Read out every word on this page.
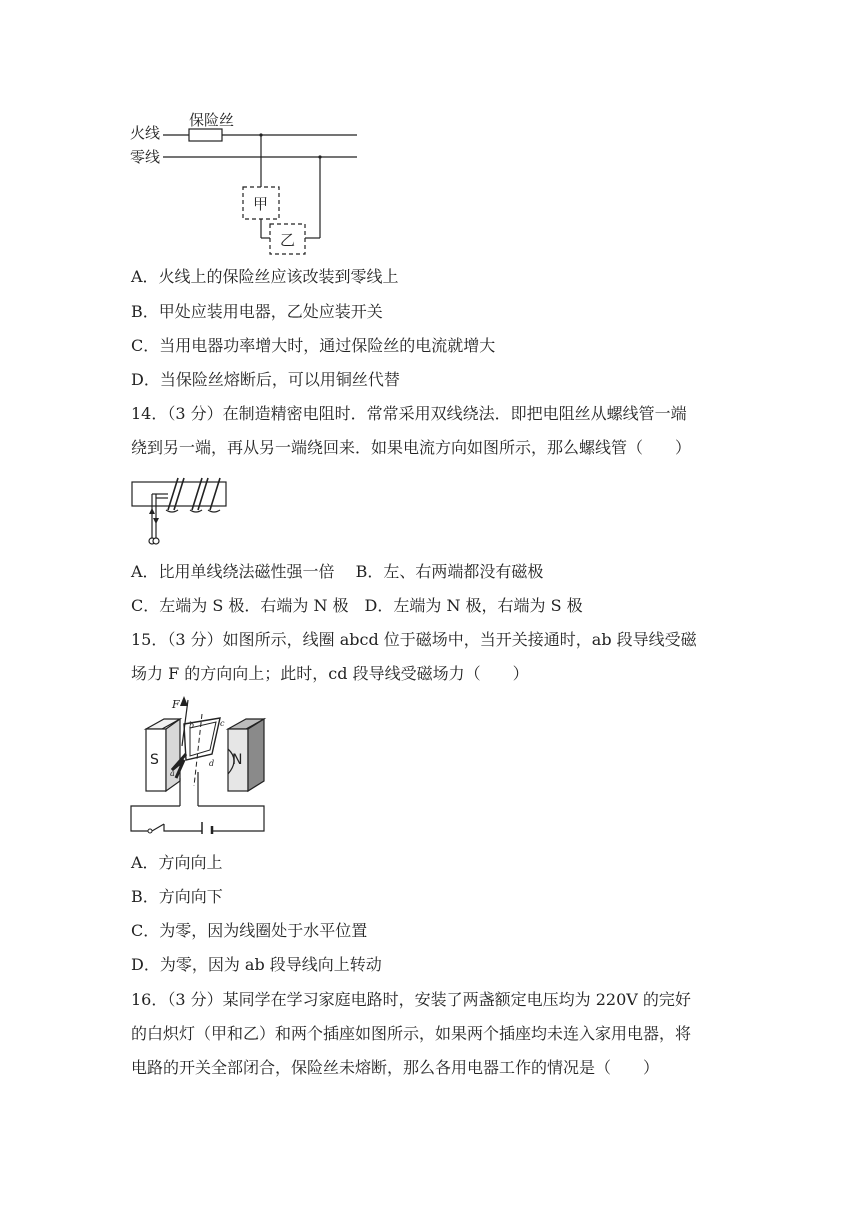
保险丝
火线
零线
甲
乙
A．火线上的保险丝应该改装到零线上
B．甲处应装用电器，乙处应装开关
C．当用电器功率增大时，通过保险丝的电流就增大
D．当保险丝熔断后，可以用铜丝代替
14．（3 分）在制造精密电阻时．常常采用双线绕法．即把电阻丝从螺线管一端
绕到另一端，再从另一端绕回来．如果电流方向如图所示，那么螺线管（　　）
A．比用单线绕法磁性强一倍　 B．左、右两端都没有磁极
C．左端为 S 极．右端为 N 极　D．左端为 N 极，右端为 S 极
15．（3 分）如图所示，线圈 abcd 位于磁场中，当开关接通时，ab 段导线受磁
场力 F 的方向向上；此时，cd 段导线受磁场力（　　）
F
b	c
a
d
S	N
A．方向向上
B．方向向下
C．为零，因为线圈处于水平位置
D．为零，因为 ab 段导线向上转动
16．（3 分）某同学在学习家庭电路时，安装了两盏额定电压均为 220V 的完好
的白炽灯（甲和乙）和两个插座如图所示，如果两个插座均未连入家用电器，将
电路的开关全部闭合，保险丝未熔断，那么各用电器工作的情况是（　　）
